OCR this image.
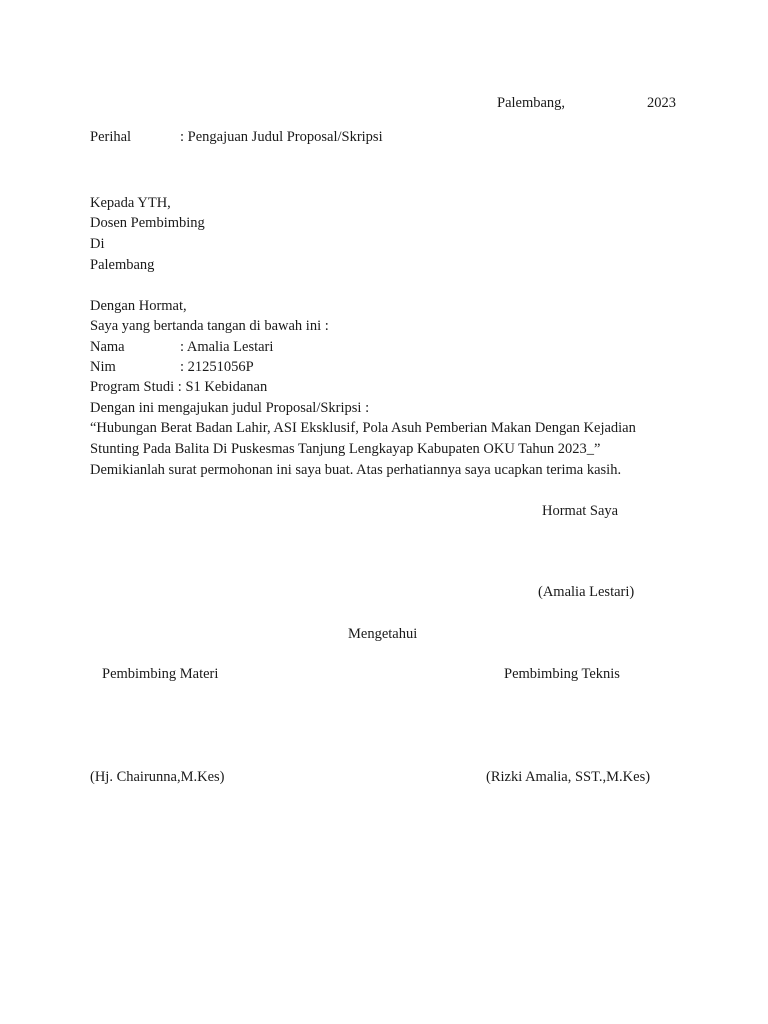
Palembang,	2023
Perihal	: Pengajuan Judul Proposal/Skripsi
Kepada YTH,
Dosen Pembimbing
Di
Palembang
Dengan Hormat,
Saya yang bertanda tangan di bawah ini :
Nama	: Amalia Lestari
Nim	: 21251056P
Program Studi : S1 Kebidanan
Dengan ini mengajukan judul Proposal/Skripsi :
“Hubungan Berat Badan Lahir, ASI Eksklusif, Pola Asuh Pemberian Makan Dengan Kejadian
Stunting Pada Balita Di Puskesmas Tanjung Lengkayap Kabupaten OKU Tahun 2023_”
Demikianlah surat permohonan ini saya buat. Atas perhatiannya saya ucapkan terima kasih.
Hormat Saya
(Amalia Lestari)
Mengetahui
Pembimbing Materi	Pembimbing Teknis
(Hj. Chairunna,M.Kes)	(Rizki Amalia, SST.,M.Kes)
